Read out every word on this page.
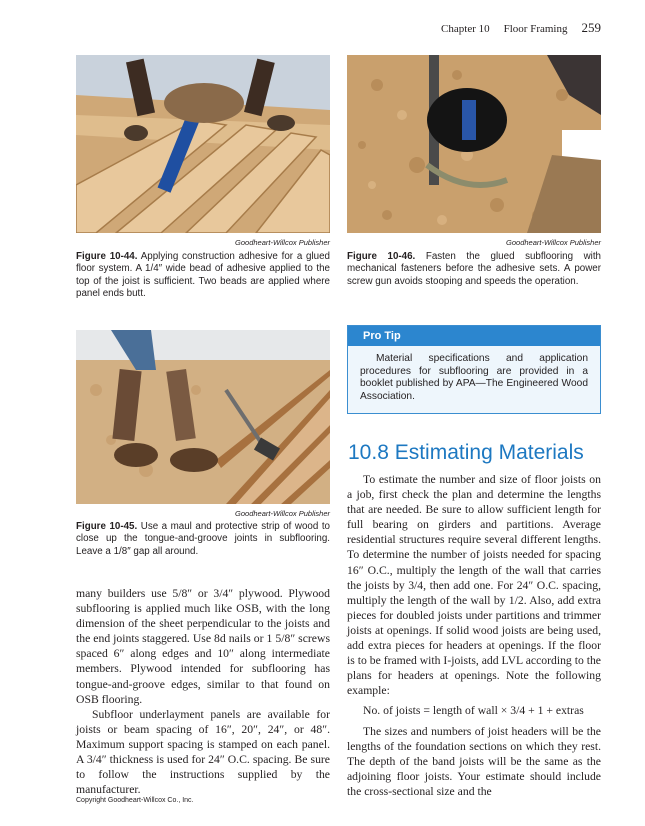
Chapter 10 Floor Framing 259
Goodheart-Willcox Publisher
Figure 10-44. Applying construction adhesive for a glued floor system. A 1/4″ wide bead of adhesive applied to the top of the joist is sufficient. Two beads are applied where panel ends butt.
Goodheart-Willcox Publisher
Figure 10-46. Fasten the glued subflooring with mechanical fasteners before the adhesive sets. A power screw gun avoids stooping and speeds the operation.
Goodheart-Willcox Publisher
Figure 10-45. Use a maul and protective strip of wood to close up the tongue-and-groove joints in subflooring. Leave a 1/8″ gap all around.

many builders use 5/8″ or 3/4″ plywood. Plywood subflooring is applied much like OSB, with the long dimension of the sheet perpendicular to the joists and the end joints staggered. Use 8d nails or 1 5/8″ screws spaced 6″ along edges and 10″ along intermediate members. Plywood intended for subflooring has tongue-and-groove edges, similar to that found on OSB flooring.

Subfloor underlayment panels are available for joists or beam spacing of 16″, 20″, 24″, or 48″. Maximum support spacing is stamped on each panel. A 3/4″ thickness is used for 24″ O.C. spacing. Be sure to follow the instructions supplied by the manufacturer.

Pro Tip
Material specifications and application procedures for subflooring are provided in a booklet published by APA—The Engineered Wood Association.
10.8 Estimating Materials

To estimate the number and size of floor joists on a job, first check the plan and determine the lengths that are needed. Be sure to allow sufficient length for full bearing on girders and partitions. Average residential structures require several different lengths. To determine the number of joists needed for spacing 16″ O.C., multiply the length of the wall that carries the joists by 3/4, then add one. For 24″ O.C. spacing, multiply the length of the wall by 1/2. Also, add extra pieces for doubled joists under partitions and trimmer joists at openings. If solid wood joists are being used, add extra pieces for headers at openings. If the floor is to be framed with I-joists, add LVL according to the plans for headers at openings. Note the following example:

No. of joists = length of wall × 3/4 + 1 + extras

The sizes and numbers of joist headers will be the lengths of the foundation sections on which they rest. The depth of the band joists will be the same as the adjoining floor joists. Your estimate should include the cross-sectional size and the

Copyright Goodheart-Willcox Co., Inc.
